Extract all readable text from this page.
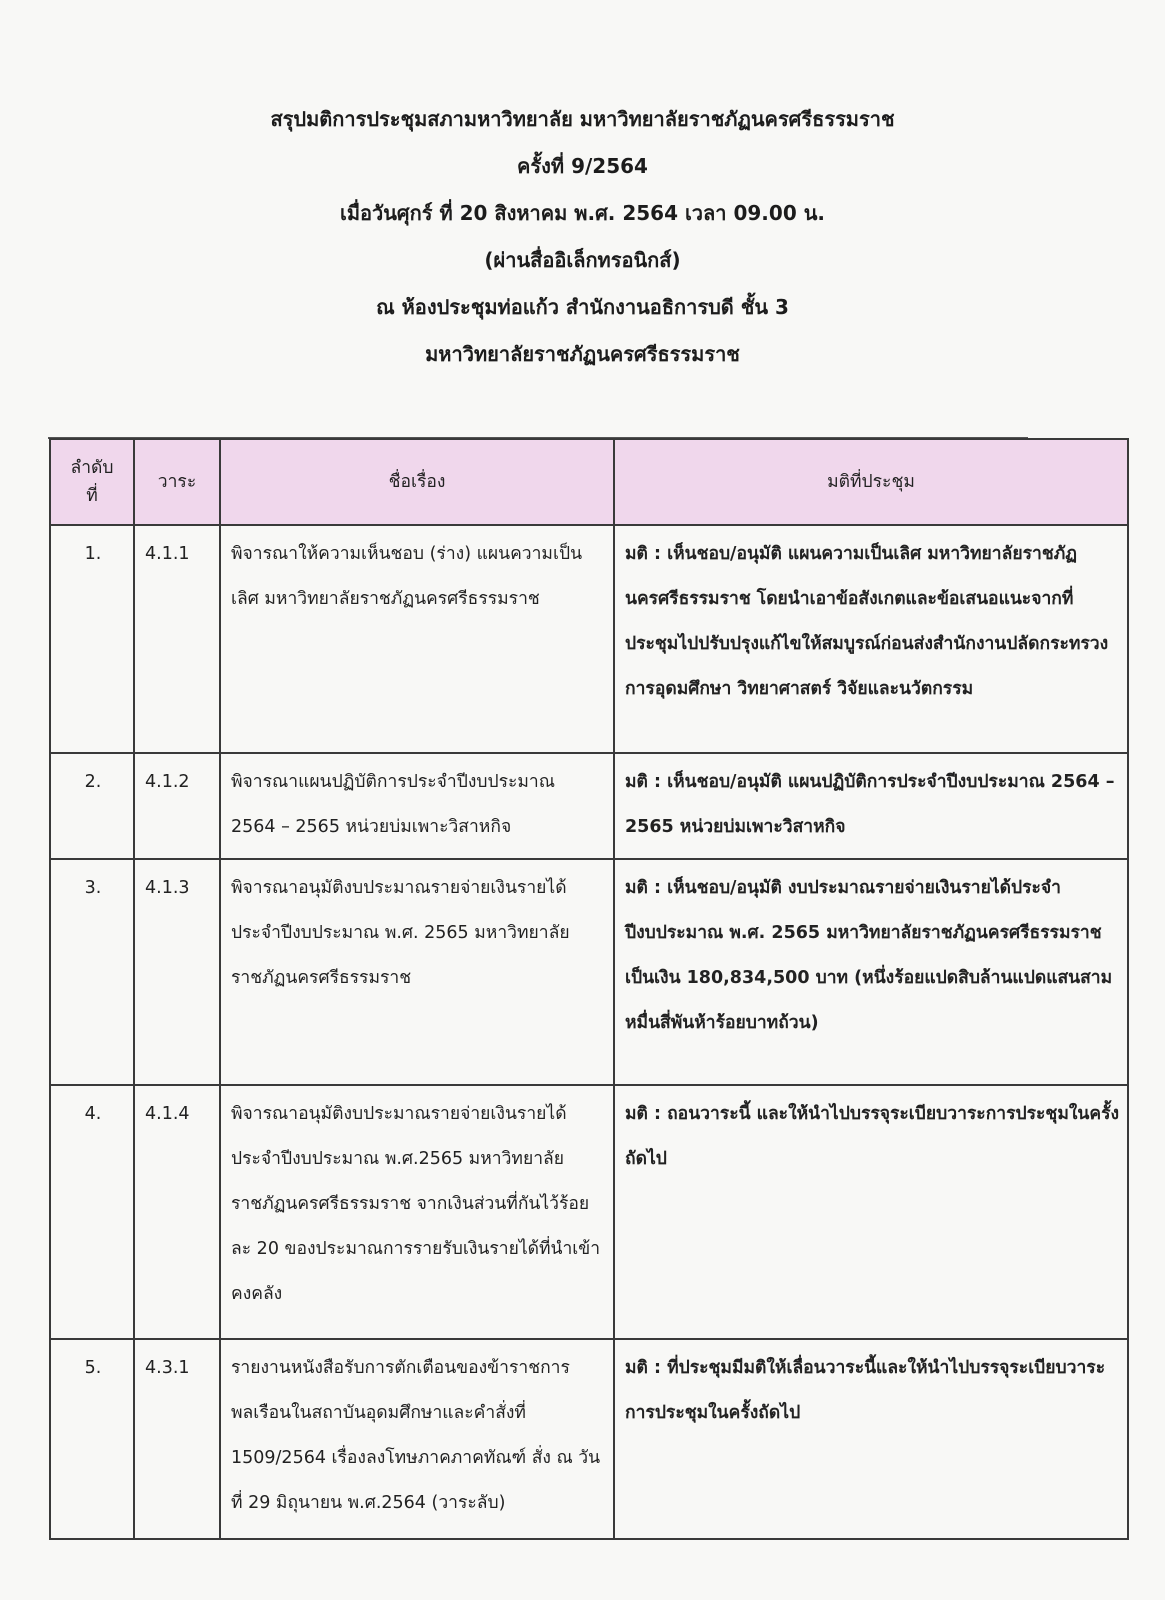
สรุปมติการประชุมสภามหาวิทยาลัย มหาวิทยาลัยราชภัฏนครศรีธรรมราช
ครั้งที่ 9/2564
เมื่อวันศุกร์ ที่ 20 สิงหาคม พ.ศ. 2564 เวลา 09.00 น.
(ผ่านสื่ออิเล็กทรอนิกส์)
ณ ห้องประชุมท่อแก้ว สำนักงานอธิการบดี ชั้น 3
มหาวิทยาลัยราชภัฏนครศรีธรรมราช
ลำดับ
ที่	วาระ	ชื่อเรื่อง	มติที่ประชุม
1.	4.1.1	พิจารณาให้ความเห็นชอบ (ร่าง) แผนความเป็นเลิศ มหาวิทยาลัยราชภัฏนครศรีธรรมราช	มติ : เห็นชอบ/อนุมัติ แผนความเป็นเลิศ มหาวิทยาลัยราชภัฏนครศรีธรรมราช โดยนำเอาข้อสังเกตและข้อเสนอแนะจากที่ประชุมไปปรับปรุงแก้ไขให้สมบูรณ์ก่อนส่งสำนักงานปลัดกระทรวงการอุดมศึกษา วิทยาศาสตร์ วิจัยและนวัตกรรม
2.	4.1.2	พิจารณาแผนปฏิบัติการประจำปีงบประมาณ 2564 – 2565 หน่วยบ่มเพาะวิสาหกิจ	มติ : เห็นชอบ/อนุมัติ แผนปฏิบัติการประจำปีงบประมาณ 2564 – 2565 หน่วยบ่มเพาะวิสาหกิจ
3.	4.1.3	พิจารณาอนุมัติงบประมาณรายจ่ายเงินรายได้ประจำปีงบประมาณ พ.ศ. 2565 มหาวิทยาลัยราชภัฏนครศรีธรรมราช	มติ : เห็นชอบ/อนุมัติ งบประมาณรายจ่ายเงินรายได้ประจำปีงบประมาณ พ.ศ. 2565 มหาวิทยาลัยราชภัฏนครศรีธรรมราช เป็นเงิน 180,834,500 บาท (หนึ่งร้อยแปดสิบล้านแปดแสนสามหมื่นสี่พันห้าร้อยบาทถ้วน)
4.	4.1.4	พิจารณาอนุมัติงบประมาณรายจ่ายเงินรายได้ประจำปีงบประมาณ พ.ศ.2565 มหาวิทยาลัยราชภัฏนครศรีธรรมราช จากเงินส่วนที่กันไว้ร้อยละ 20 ของประมาณการรายรับเงินรายได้ที่นำเข้าคงคลัง	มติ : ถอนวาระนี้ และให้นำไปบรรจุระเบียบวาระการประชุมในครั้งถัดไป
5.	4.3.1	รายงานหนังสือรับการตักเตือนของข้าราชการพลเรือนในสถาบันอุดมศึกษาและคำสั่งที่ 1509/2564 เรื่องลงโทษภาคภาคทัณฑ์ สั่ง ณ วันที่ 29 มิถุนายน พ.ศ.2564 (วาระลับ)	มติ : ที่ประชุมมีมติให้เลื่อนวาระนี้และให้นำไปบรรจุระเบียบวาระการประชุมในครั้งถัดไป
